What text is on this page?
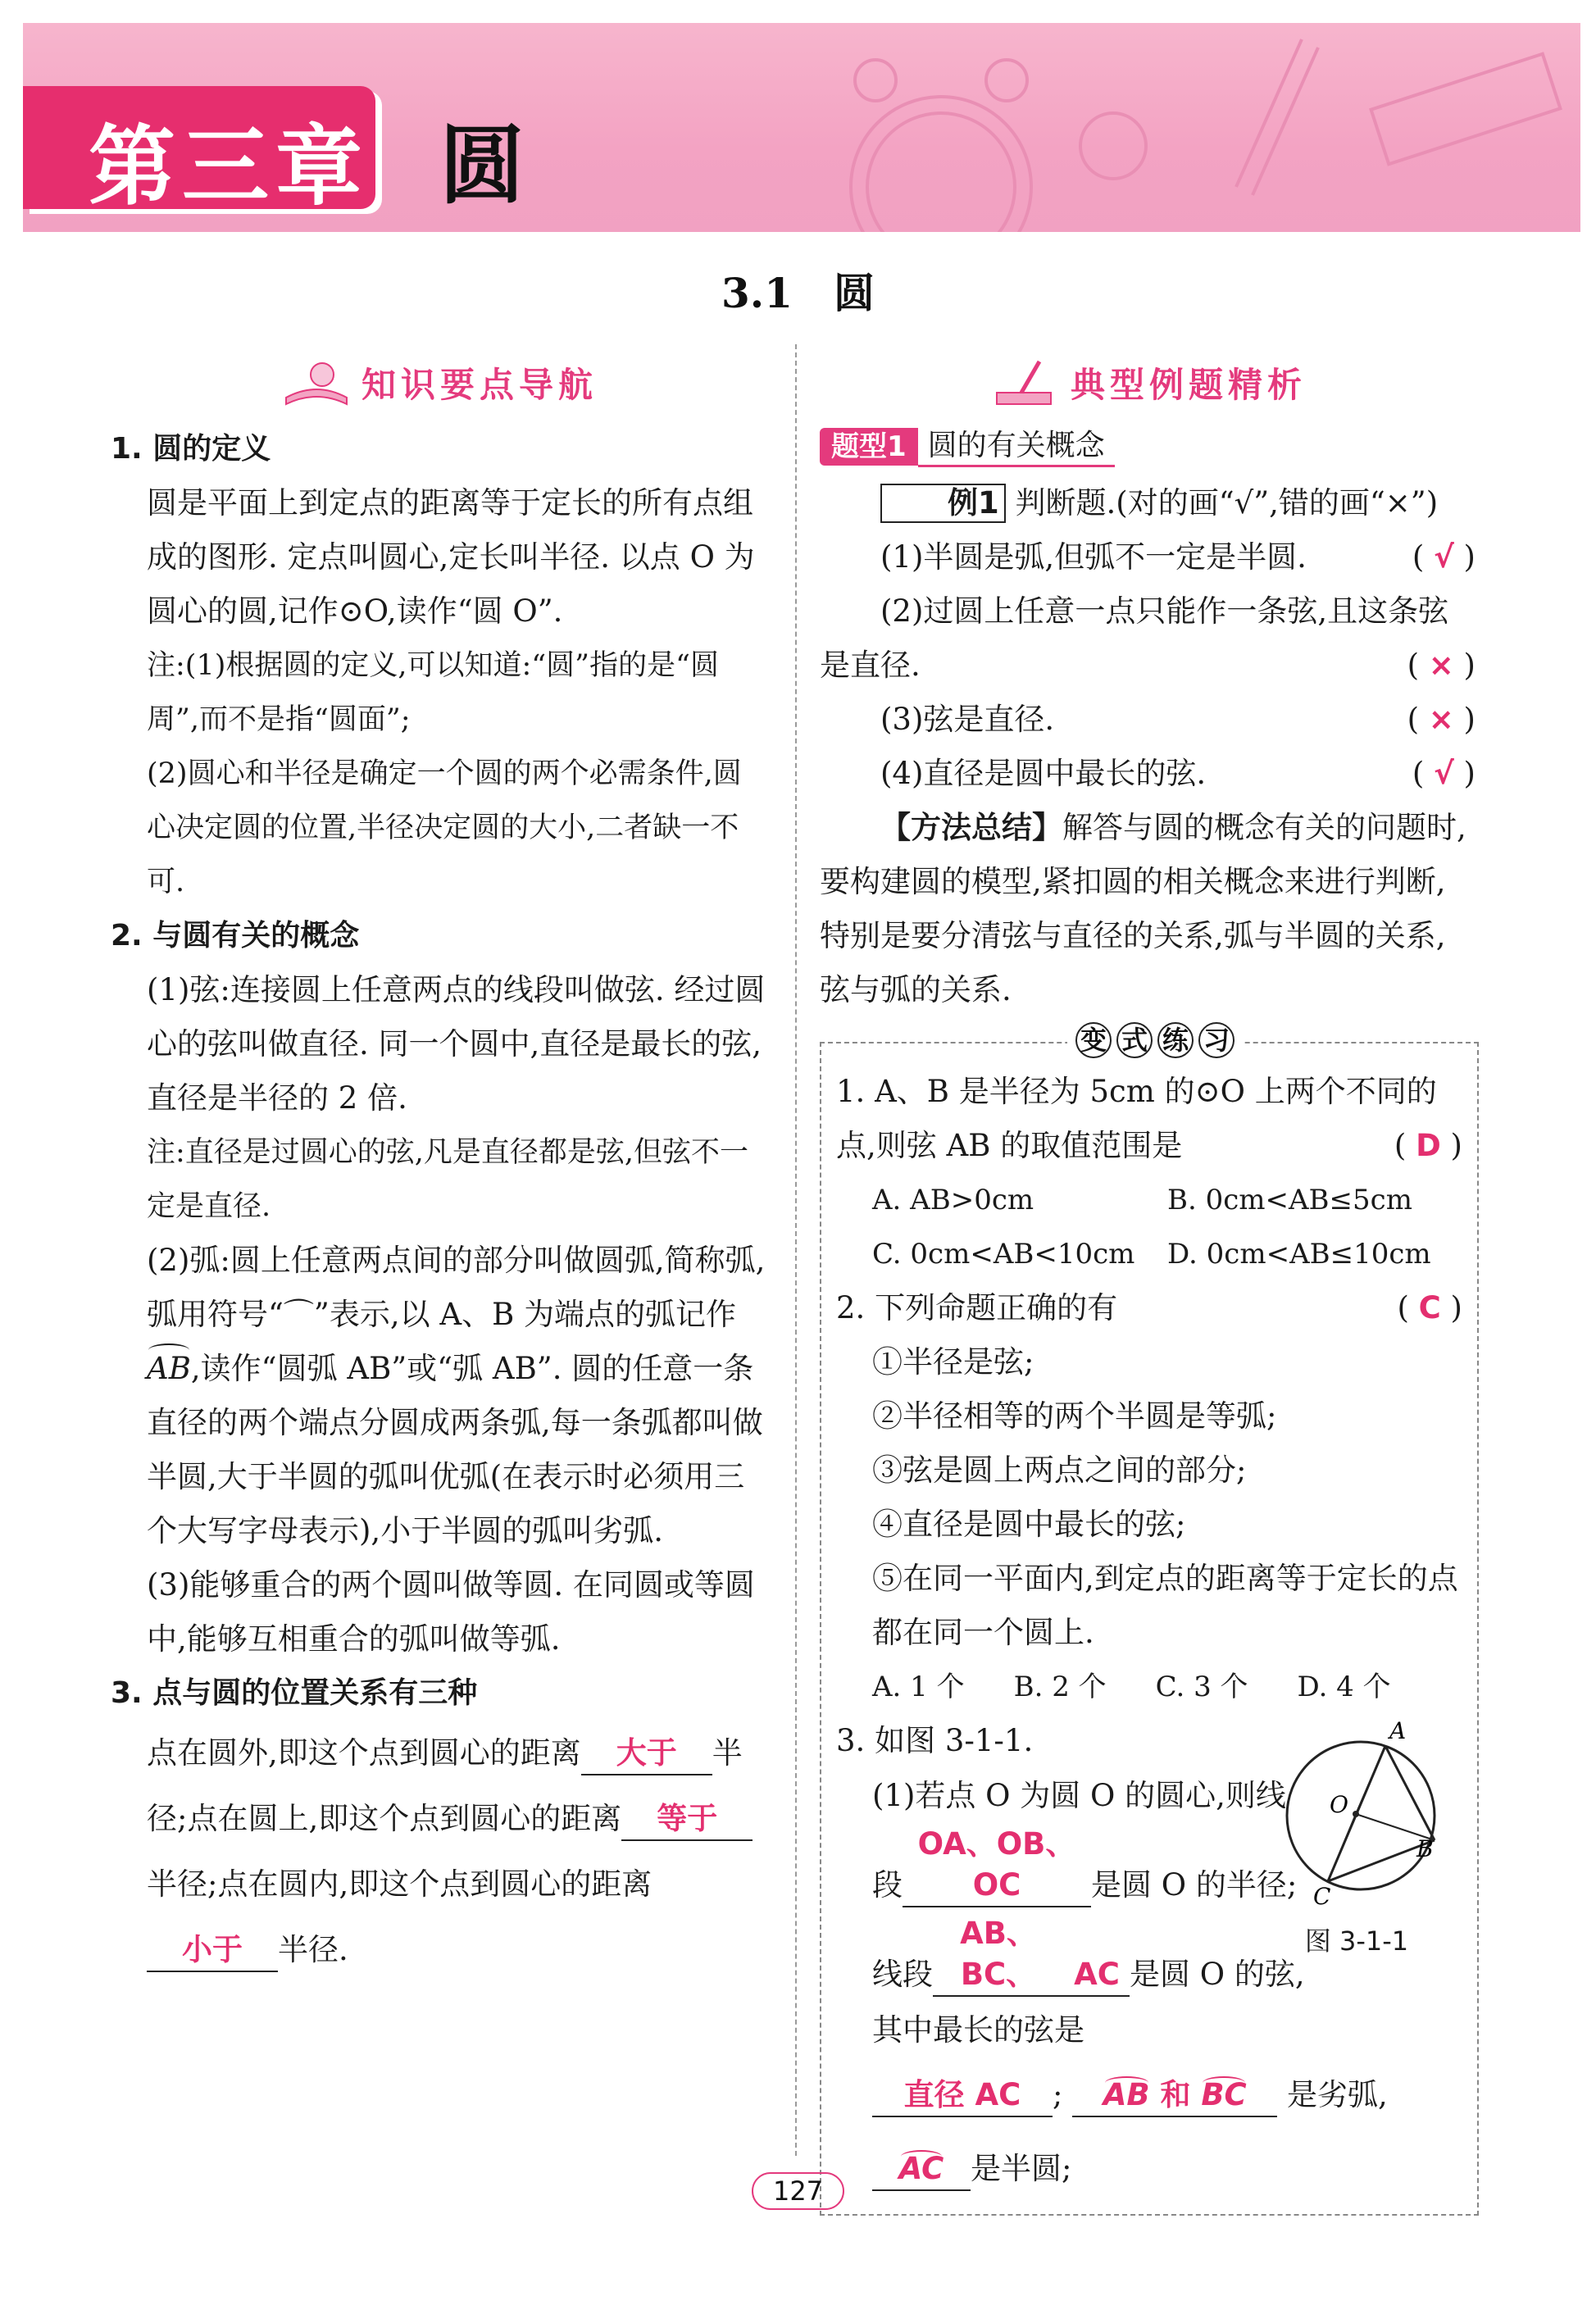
第三章 圆
3.1　圆
知识要点导航

1. 圆的定义

圆是平面上到定点的距离等于定长的所有点组成的图形. 定点叫圆心,定长叫半径. 以点 O 为圆心的圆,记作⊙O,读作“圆 O”.

注:(1)根据圆的定义,可以知道:“圆”指的是“圆周”,而不是指“圆面”;

(2)圆心和半径是确定一个圆的两个必需条件,圆心决定圆的位置,半径决定圆的大小,二者缺一不可.

2. 与圆有关的概念

(1)弦:连接圆上任意两点的线段叫做弦. 经过圆心的弦叫做直径. 同一个圆中,直径是最长的弦,直径是半径的 2 倍.

注:直径是过圆心的弦,凡是直径都是弦,但弦不一定是直径.

(2)弧:圆上任意两点间的部分叫做圆弧,简称弧,弧用符号“⌒”表示,以 A、B 为端点的弧记作AB,读作“圆弧 AB”或“弧 AB”. 圆的任意一条直径的两个端点分圆成两条弧,每一条弧都叫做半圆,大于半圆的弧叫优弧(在表示时必须用三个大写字母表示),小于半圆的弧叫劣弧.

(3)能够重合的两个圆叫做等圆. 在同圆或等圆中,能够互相重合的弧叫做等弧.

3. 点与圆的位置关系有三种

点在圆外,即这个点到圆心的距离 大于 半径;点在圆上,即这个点到圆心的距离 等于半径;点在圆内,即这个点到圆心的距离小于 半径.

典型例题精析
题型1 圆的有关概念

例1 判断题.(对的画“√”,错的画“×”)

(1)半圆是弧,但弧不一定是半圆.	( √ )

(2)过圆上任意一点只能作一条弦,且这条弦是直径.	( × )

(3)弦是直径.	( × )

(4)直径是圆中最长的弦.	( √ )

【方法总结】解答与圆的概念有关的问题时,要构建圆的模型,紧扣圆的相关概念来进行判断,特别是要分清弦与直径的关系,弧与半圆的关系,弦与弧的关系.

变 式 练 习

1. A、B 是半径为 5cm 的⊙O 上两个不同的点,则弦 AB 的取值范围是	( D )

A. AB>0cm	B. 0cm<AB≤5cm
C. 0cm<AB<10cm	D. 0cm<AB≤10cm

2. 下列命题正确的有	( C )

①半径是弦;

②半径相等的两个半圆是等弧;

③弦是圆上两点之间的部分;

④直径是圆中最长的弦;

⑤在同一平面内,到定点的距离等于定长的点都在同一个圆上.

A. 1 个 B. 2 个 C. 3 个 D. 4 个

3. 如图 3-1-1.	A
B
C
O
图 3-1-1
(1)若点 O 为圆 O 的圆心,则线段OA、OB、OC 是圆 O 的半径;线段AB、BC、 AC 是圆 O 的弦,其中最长的弦是
直径 AC ; AB 和 BC 是劣弧,AC 是半圆;
127
